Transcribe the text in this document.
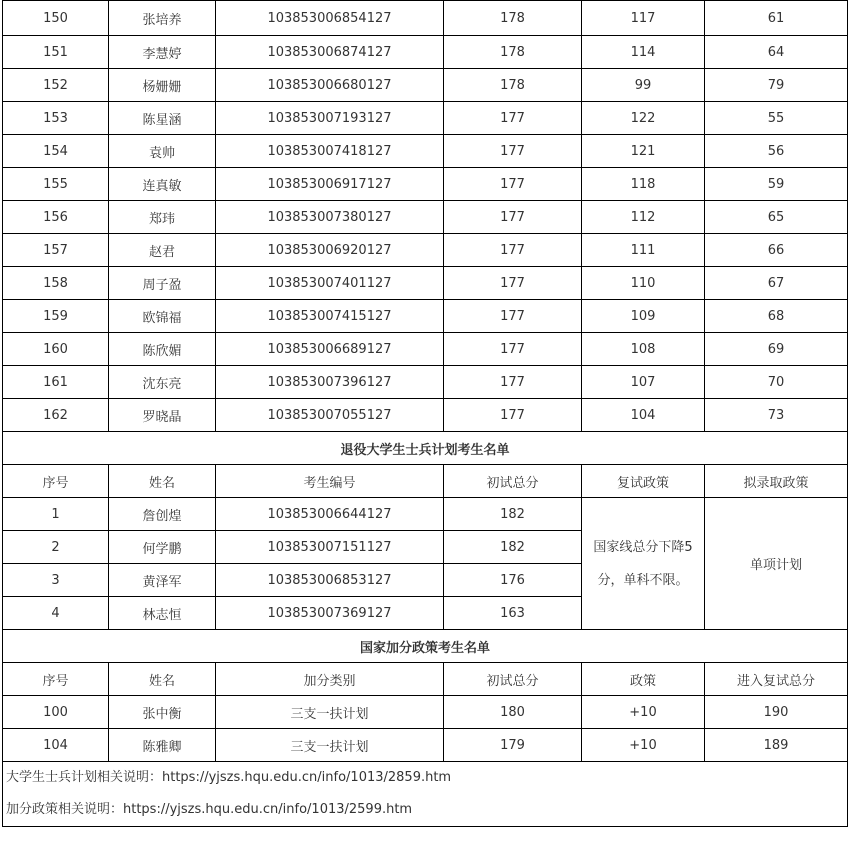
150	张培养	103853006854127	178	117	61
151	李慧婷	103853006874127	178	114	64
152	杨姗姗	103853006680127	178	99	79
153	陈星涵	103853007193127	177	122	55
154	袁帅	103853007418127	177	121	56
155	连真敏	103853006917127	177	118	59
156	郑玮	103853007380127	177	112	65
157	赵君	103853006920127	177	111	66
158	周子盈	103853007401127	177	110	67
159	欧锦福	103853007415127	177	109	68
160	陈欣媚	103853006689127	177	108	69
161	沈东亮	103853007396127	177	107	70
162	罗晓晶	103853007055127	177	104	73
退役大学生士兵计划考生名单					
序号	姓名	考生编号	初试总分	复试政策	拟录取政策
1	詹创煌	103853006644127	182	国家线总分下降5
分，单科不限。	单项计划
2	何学鹏	103853007151127	182		
3	黄泽军	103853006853127	176		
4	林志恒	103853007369127	163		
国家加分政策考生名单					
序号	姓名	加分类别	初试总分	政策	进入复试总分
100	张中衡	三支一扶计划	180	+10	190
104	陈雅卿	三支一扶计划	179	+10	189

大学生士兵计划相关说明：https://yjszs.hqu.edu.cn/info/1013/2859.htm
加分政策相关说明：https://yjszs.hqu.edu.cn/info/1013/2599.htm					
